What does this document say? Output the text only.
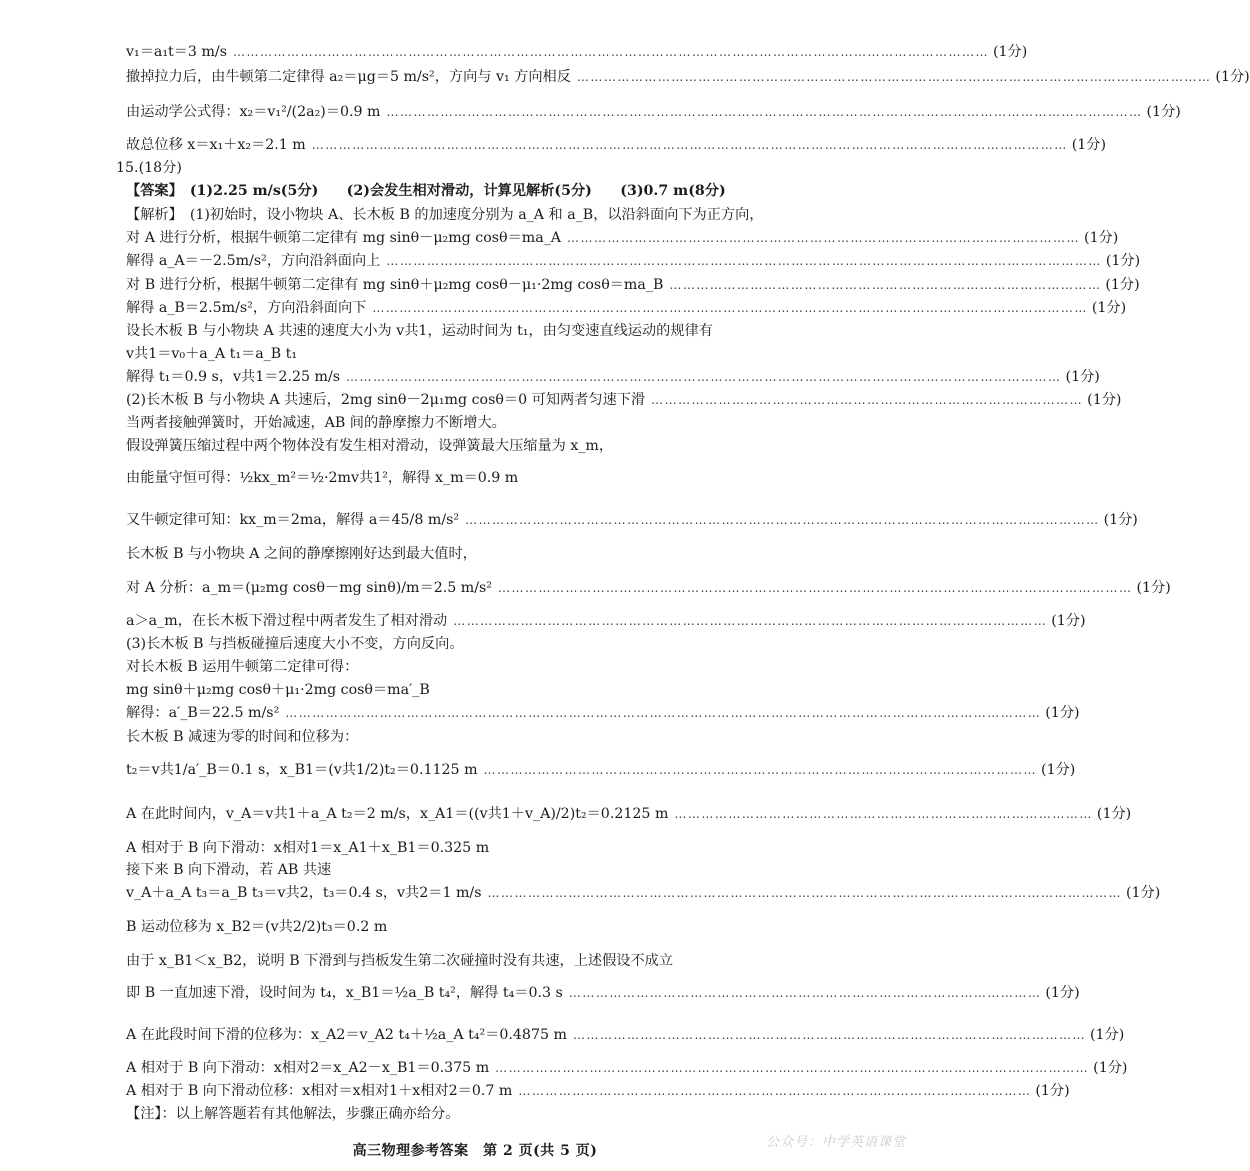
v₁＝a₁t＝3 m/s …………………………………………………………………………………………………………………………………………………… (1分)
撤掉拉力后，由牛顿第二定律得 a₂＝μg＝5 m/s²，方向与 v₁ 方向相反 …………………………………………………………………………………………………………………………… (1分)
由运动学公式得：x₂＝v₁²/(2a₂)＝0.9 m …………………………………………………………………………………………………………………………………………………… (1分)
故总位移 x＝x₁＋x₂＝2.1 m …………………………………………………………………………………………………………………………………………………… (1分)
15.(18分)
【答案】　(1)2.25 m/s(5分)　　(2)会发生相对滑动，计算见解析(5分)　　(3)0.7 m(8分)
【解析】　(1)初始时，设小物块 A、长木板 B 的加速度分别为 a_A 和 a_B，以沿斜面向下为正方向，
对 A 进行分析，根据牛顿第二定律有 mg sinθ－μ₂mg cosθ＝ma_A …………………………………………………………………………………………………… (1分)
解得 a_A＝－2.5m/s²，方向沿斜面向上 …………………………………………………………………………………………………………………………………………… (1分)
对 B 进行分析，根据牛顿第二定律有 mg sinθ＋μ₂mg cosθ－μ₁·2mg cosθ＝ma_B …………………………………………………………………………………… (1分)
解得 a_B＝2.5m/s²，方向沿斜面向下 …………………………………………………………………………………………………………………………………………… (1分)
设长木板 B 与小物块 A 共速的速度大小为 v共1，运动时间为 t₁，由匀变速直线运动的规律有
v共1＝v₀＋a_A t₁＝a_B t₁
解得 t₁＝0.9 s，v共1＝2.25 m/s …………………………………………………………………………………………………………………………………………… (1分)
(2)长木板 B 与小物块 A 共速后，2mg sinθ－2μ₁mg cosθ＝0 可知两者匀速下滑 …………………………………………………………………………………… (1分)
当两者接触弹簧时，开始减速，AB 间的静摩擦力不断增大。
假设弹簧压缩过程中两个物体没有发生相对滑动，设弹簧最大压缩量为 x_m，
由能量守恒可得：½kx_m²＝½·2mv共1²，解得 x_m＝0.9 m
又牛顿定律可知：kx_m＝2ma，解得 a＝45/8 m/s² …………………………………………………………………………………………………………………………… (1分)
长木板 B 与小物块 A 之间的静摩擦刚好达到最大值时，
对 A 分析：a_m＝(μ₂mg cosθ－mg sinθ)/m＝2.5 m/s² …………………………………………………………………………………………………………………………… (1分)
a＞a_m，在长木板下滑过程中两者发生了相对滑动 …………………………………………………………………………………………………………………… (1分)
(3)长木板 B 与挡板碰撞后速度大小不变，方向反向。
对长木板 B 运用牛顿第二定律可得：
mg sinθ＋μ₂mg cosθ＋μ₁·2mg cosθ＝ma′_B
解得：a′_B＝22.5 m/s² …………………………………………………………………………………………………………………………………………………… (1分)
长木板 B 减速为零的时间和位移为：
t₂＝v共1/a′_B＝0.1 s，x_B1＝(v共1/2)t₂＝0.1125 m …………………………………………………………………………………………………………… (1分)
A 在此时间内，v_A＝v共1＋a_A t₂＝2 m/s，x_A1＝((v共1＋v_A)/2)t₂＝0.2125 m ………………………………………………………………………………… (1分)
A 相对于 B 向下滑动：x相对1＝x_A1＋x_B1＝0.325 m
接下来 B 向下滑动，若 AB 共速
v_A＋a_A t₃＝a_B t₃＝v共2，t₃＝0.4 s，v共2＝1 m/s …………………………………………………………………………………………………………………………… (1分)
B 运动位移为 x_B2＝(v共2/2)t₃＝0.2 m
由于 x_B1＜x_B2，说明 B 下滑到与挡板发生第二次碰撞时没有共速，上述假设不成立
即 B 一直加速下滑，设时间为 t₄，x_B1＝½a_B t₄²，解得 t₄＝0.3 s …………………………………………………………………………………………… (1分)
A 在此段时间下滑的位移为：x_A2＝v_A2 t₄＋½a_A t₄²＝0.4875 m …………………………………………………………………………………………………… (1分)
A 相对于 B 向下滑动：x相对2＝x_A2－x_B1＝0.375 m …………………………………………………………………………………………………………………… (1分)
A 相对于 B 向下滑动位移：x相对＝x相对1＋x相对2＝0.7 m …………………………………………………………………………………………………… (1分)
【注】：以上解答题若有其他解法，步骤正确亦给分。
高三物理参考答案　第 2 页(共 5 页)
公众号：中学英语课堂
